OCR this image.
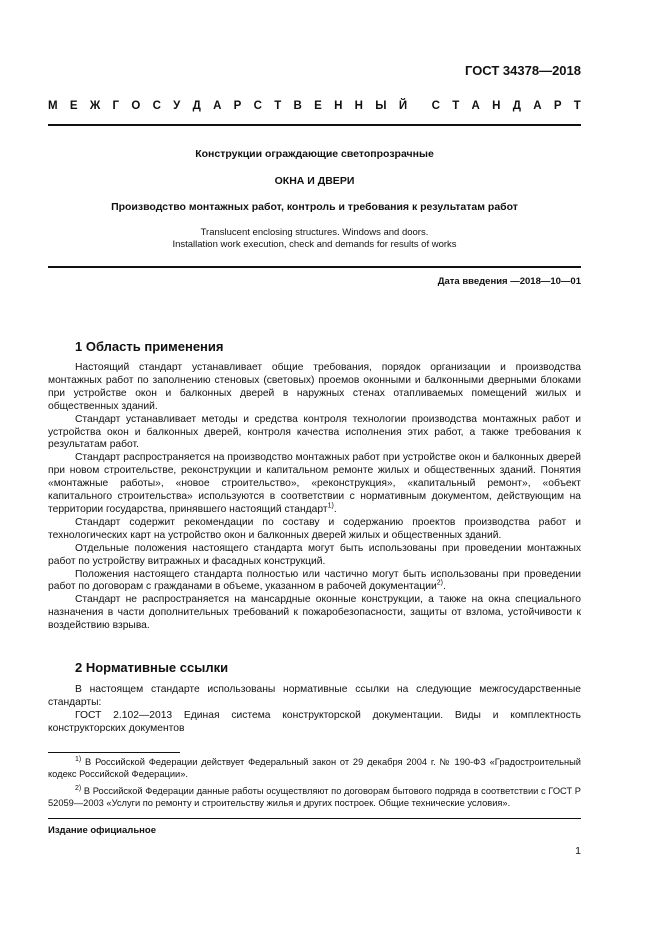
ГОСТ 34378—2018
М Е Ж Г О С У Д А Р С Т В Е Н Н Ы Й С Т А Н Д А Р Т
Конструкции ограждающие светопрозрачные
ОКНА И ДВЕРИ
Производство монтажных работ, контроль и требования к результатам работ
Translucent enclosing structures. Windows and doors.
Installation work execution, check and demands for results of works
Дата введения —2018—10—01
1 Область применения

Настоящий стандарт устанавливает общие требования, порядок организации и производства монтажных работ по заполнению стеновых (световых) проемов оконными и балконными дверными блоками при устройстве окон и балконных дверей в наружных стенах отапливаемых помещений жилых и общественных зданий.

Стандарт устанавливает методы и средства контроля технологии производства монтажных работ и устройства окон и балконных дверей, контроля качества исполнения этих работ, а также требования к результатам работ.

Стандарт распространяется на производство монтажных работ при устройстве окон и балконных дверей при новом строительстве, реконструкции и капитальном ремонте жилых и общественных зданий. Понятия «монтажные работы», «новое строительство», «реконструкция», «капитальный ремонт», «объект капитального строительства» используются в соответствии с нормативным документом, действующим на территории государства, принявшего настоящий стандарт$^{1)}$.

Стандарт содержит рекомендации по составу и содержанию проектов производства работ и технологических карт на устройство окон и балконных дверей жилых и общественных зданий.

Отдельные положения настоящего стандарта могут быть использованы при проведении монтажных работ по устройству витражных и фасадных конструкций.

Положения настоящего стандарта полностью или частично могут быть использованы при проведении работ по договорам с гражданами в объеме, указанном в рабочей документации$^{2)}$.

Стандарт не распространяется на мансардные оконные конструкции, а также на окна специального назначения в части дополнительных требований к пожаробезопасности, защиты от взлома, устойчивости к воздействию взрыва.

2 Нормативные ссылки

В настоящем стандарте использованы нормативные ссылки на следующие межгосударственные стандарты:

ГОСТ 2.102—2013 Единая система конструкторской документации. Виды и комплектность конструкторских документов

$^{1)}$ В Российской Федерации действует Федеральный закон от 29 декабря 2004 г. № 190-ФЗ «Градостроительный кодекс Российской Федерации».

$^{2)}$ В Российской Федерации данные работы осуществляют по договорам бытового подряда в соответствии с ГОСТ Р 52059—2003 «Услуги по ремонту и строительству жилья и других построек. Общие технические условия».

Издание официальное
1
